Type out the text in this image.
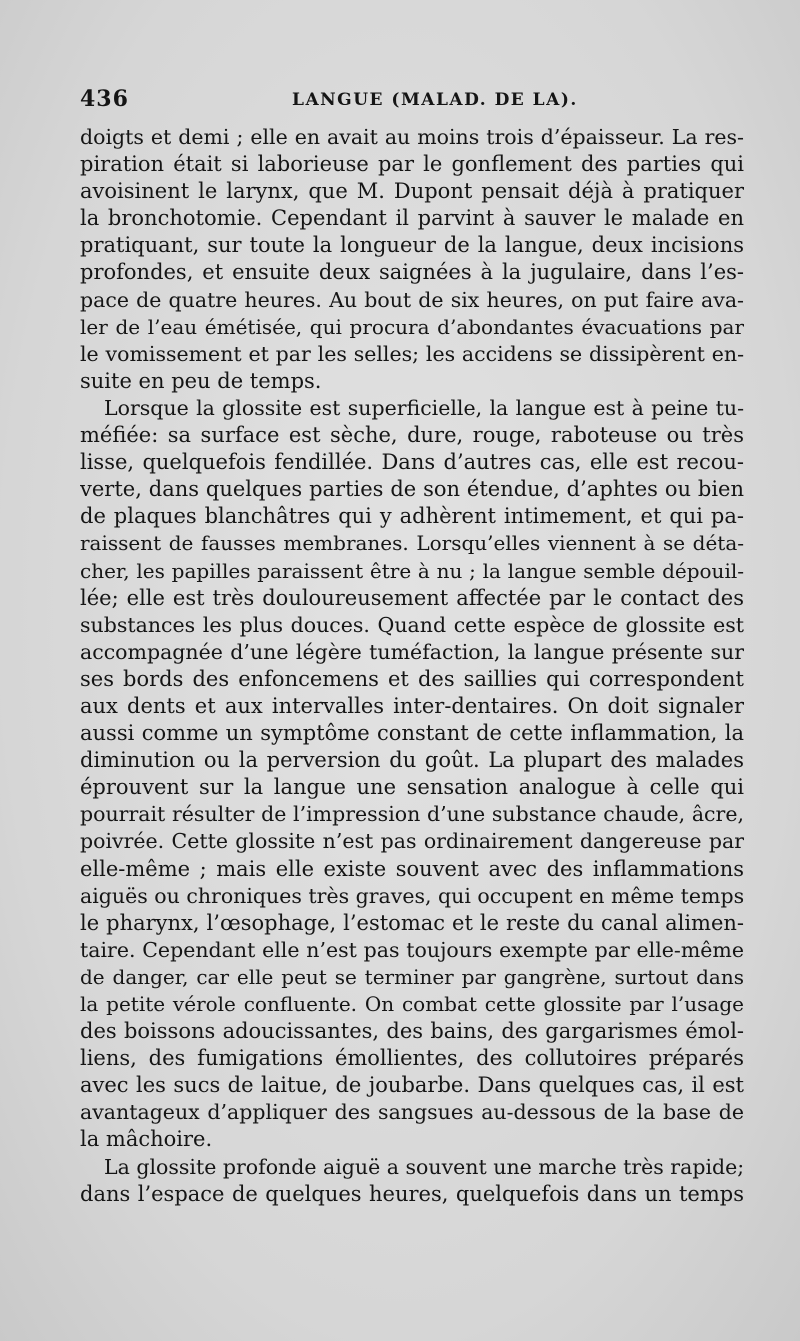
436	LANGUE (MALAD. DE LA).
doigts et demi ; elle en avait au moins trois d’épaisseur. La res-
piration était si laborieuse par le gonflement des parties qui
avoisinent le larynx, que M. Dupont pensait déjà à pratiquer
la bronchotomie. Cependant il parvint à sauver le malade en
pratiquant, sur toute la longueur de la langue, deux incisions
profondes, et ensuite deux saignées à la jugulaire, dans l’es-
pace de quatre heures. Au bout de six heures, on put faire ava-
ler de l’eau émétisée, qui procura d’abondantes évacuations par
le vomissement et par les selles; les accidens se dissipèrent en-
suite en peu de temps.
Lorsque la glossite est superficielle, la langue est à peine tu-
méfiée: sa surface est sèche, dure, rouge, raboteuse ou très
lisse, quelquefois fendillée. Dans d’autres cas, elle est recou-
verte, dans quelques parties de son étendue, d’aphtes ou bien
de plaques blanchâtres qui y adhèrent intimement, et qui pa-
raissent de fausses membranes. Lorsqu’elles viennent à se déta-
cher, les papilles paraissent être à nu ; la langue semble dépouil-
lée; elle est très douloureusement affectée par le contact des
substances les plus douces. Quand cette espèce de glossite est
accompagnée d’une légère tuméfaction, la langue présente sur
ses bords des enfoncemens et des saillies qui correspondent
aux dents et aux intervalles inter-dentaires. On doit signaler
aussi comme un symptôme constant de cette inflammation, la
diminution ou la perversion du goût. La plupart des malades
éprouvent sur la langue une sensation analogue à celle qui
pourrait résulter de l’impression d’une substance chaude, âcre,
poivrée. Cette glossite n’est pas ordinairement dangereuse par
elle-même ; mais elle existe souvent avec des inflammations
aiguës ou chroniques très graves, qui occupent en même temps
le pharynx, l’œsophage, l’estomac et le reste du canal alimen-
taire. Cependant elle n’est pas toujours exempte par elle-même
de danger, car elle peut se terminer par gangrène, surtout dans
la petite vérole confluente. On combat cette glossite par l’usage
des boissons adoucissantes, des bains, des gargarismes émol-
liens, des fumigations émollientes, des collutoires préparés
avec les sucs de laitue, de joubarbe. Dans quelques cas, il est
avantageux d’appliquer des sangsues au-dessous de la base de
la mâchoire.
La glossite profonde aiguë a souvent une marche très rapide;
dans l’espace de quelques heures, quelquefois dans un temps
